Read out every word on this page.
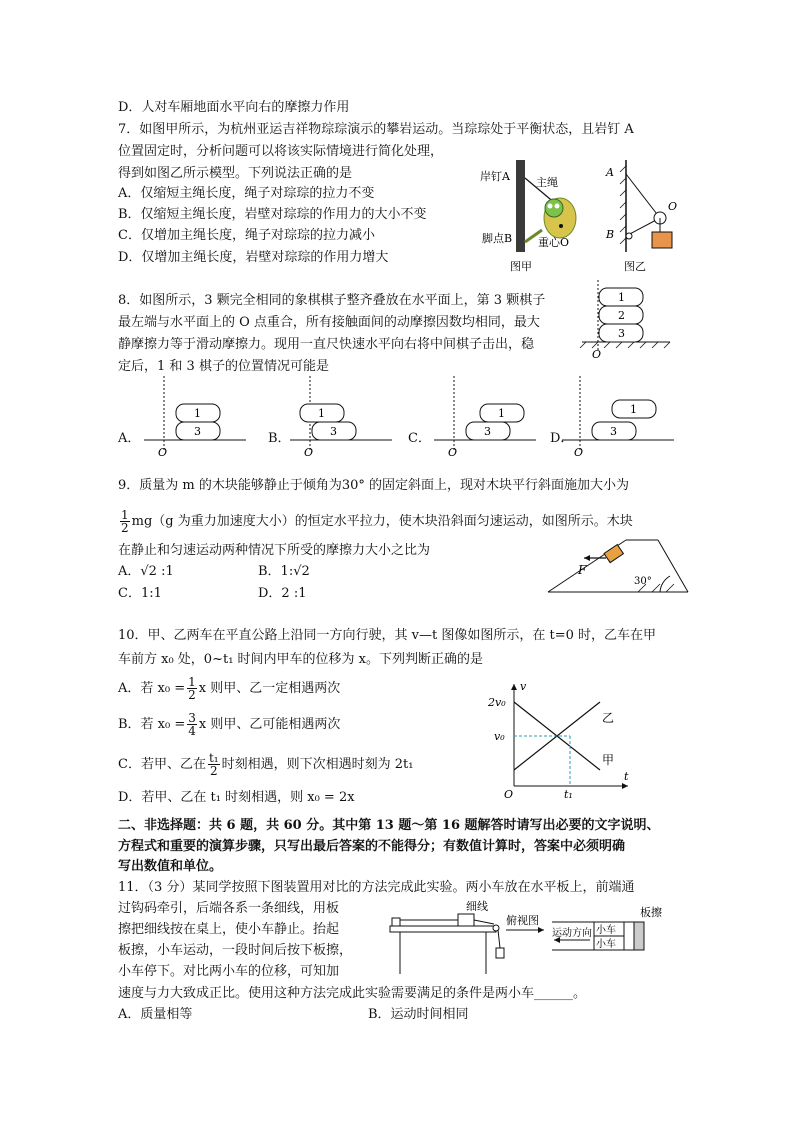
D．人对车厢地面水平向右的摩擦力作用
7．如图甲所示，为杭州亚运吉祥物琮琮演示的攀岩运动。当琮琮处于平衡状态，且岩钉 A
位置固定时，分析问题可以将该实际情境进行简化处理，
得到如图乙所示模型。下列说法正确的是
A．仅缩短主绳长度，绳子对琮琮的拉力不变
B．仅缩短主绳长度，岩壁对琮琮的作用力的大小不变
C．仅增加主绳长度，绳子对琮琮的拉力减小
D．仅增加主绳长度，岩壁对琮琮的作用力增大
岸钉A 主绳
脚点B 重心O
图甲
A
B
O
图乙
8．如图所示，3 颗完全相同的象棋棋子整齐叠放在水平面上，第 3 颗棋子
最左端与水平面上的 O 点重合，所有接触面间的动摩擦因数均相同，最大
静摩擦力等于滑动摩擦力。现用一直尺快速水平向右将中间棋子击出，稳
定后，1 和 3 棋子的位置情况可能是
1
2
3
O
1
3
O
A．
1
3
O
B．
1
3
O
C．
1
3
O
D．
9．质量为 m 的木块能够静止于倾角为30° 的固定斜面上，现对木块平行斜面施加大小为
$\frac{1}{2} mg(g$ 为重力加速度大小）的恒定水平拉力，使木块沿斜面匀速运动，如图所示。木块
在静止和匀速运动两种情况下所受的摩擦力大小之比为
A．√2 :1	B．1:√2
C．1:1	D．2 :1
F
30°
10．甲、乙两车在平直公路上沿同一方向行驶，其 v—t 图像如图所示，在 t=0 时，乙车在甲
车前方 x₀ 处，0~t₁ 时间内甲车的位移为 x。下列判断正确的是
A．若 $x_0 = \frac{1}{2}$ x 则甲、乙一定相遇两次
B．若 $x_0 = \frac{3}{4}$ x 则甲、乙可能相遇两次
C．若甲、乙在 $\frac{\text{t₁}}{2}$ 时刻相遇，则下次相遇时刻为 2t₁
D．若甲、乙在 t₁ 时刻相遇，则 x₀ = 2x
v
t
O
2v₀
v₀
t₁
乙
甲
二、非选择题：共 6 题，共 60 分。其中第 13 题～第 16 题解答时请写出必要的文字说明、
方程式和重要的演算步骤，只写出最后答案的不能得分；有数值计算时，答案中必须明确
写出数值和单位。
11．（3 分）某同学按照下图装置用对比的方法完成此实验。两小车放在水平板上，前端通
过钩码牵引，后端各系一条细线，用板
擦把细线按在桌上，使小车静止。抬起
板擦，小车运动，一段时间后按下板擦，
小车停下。对比两小车的位移，可知加
速度与力大致成正比。使用这种方法完成此实验需要满足的条件是两小车______。
A．质量相等	B．运动时间相同
细线
俯视图
小车
小车
运动方向
板擦
